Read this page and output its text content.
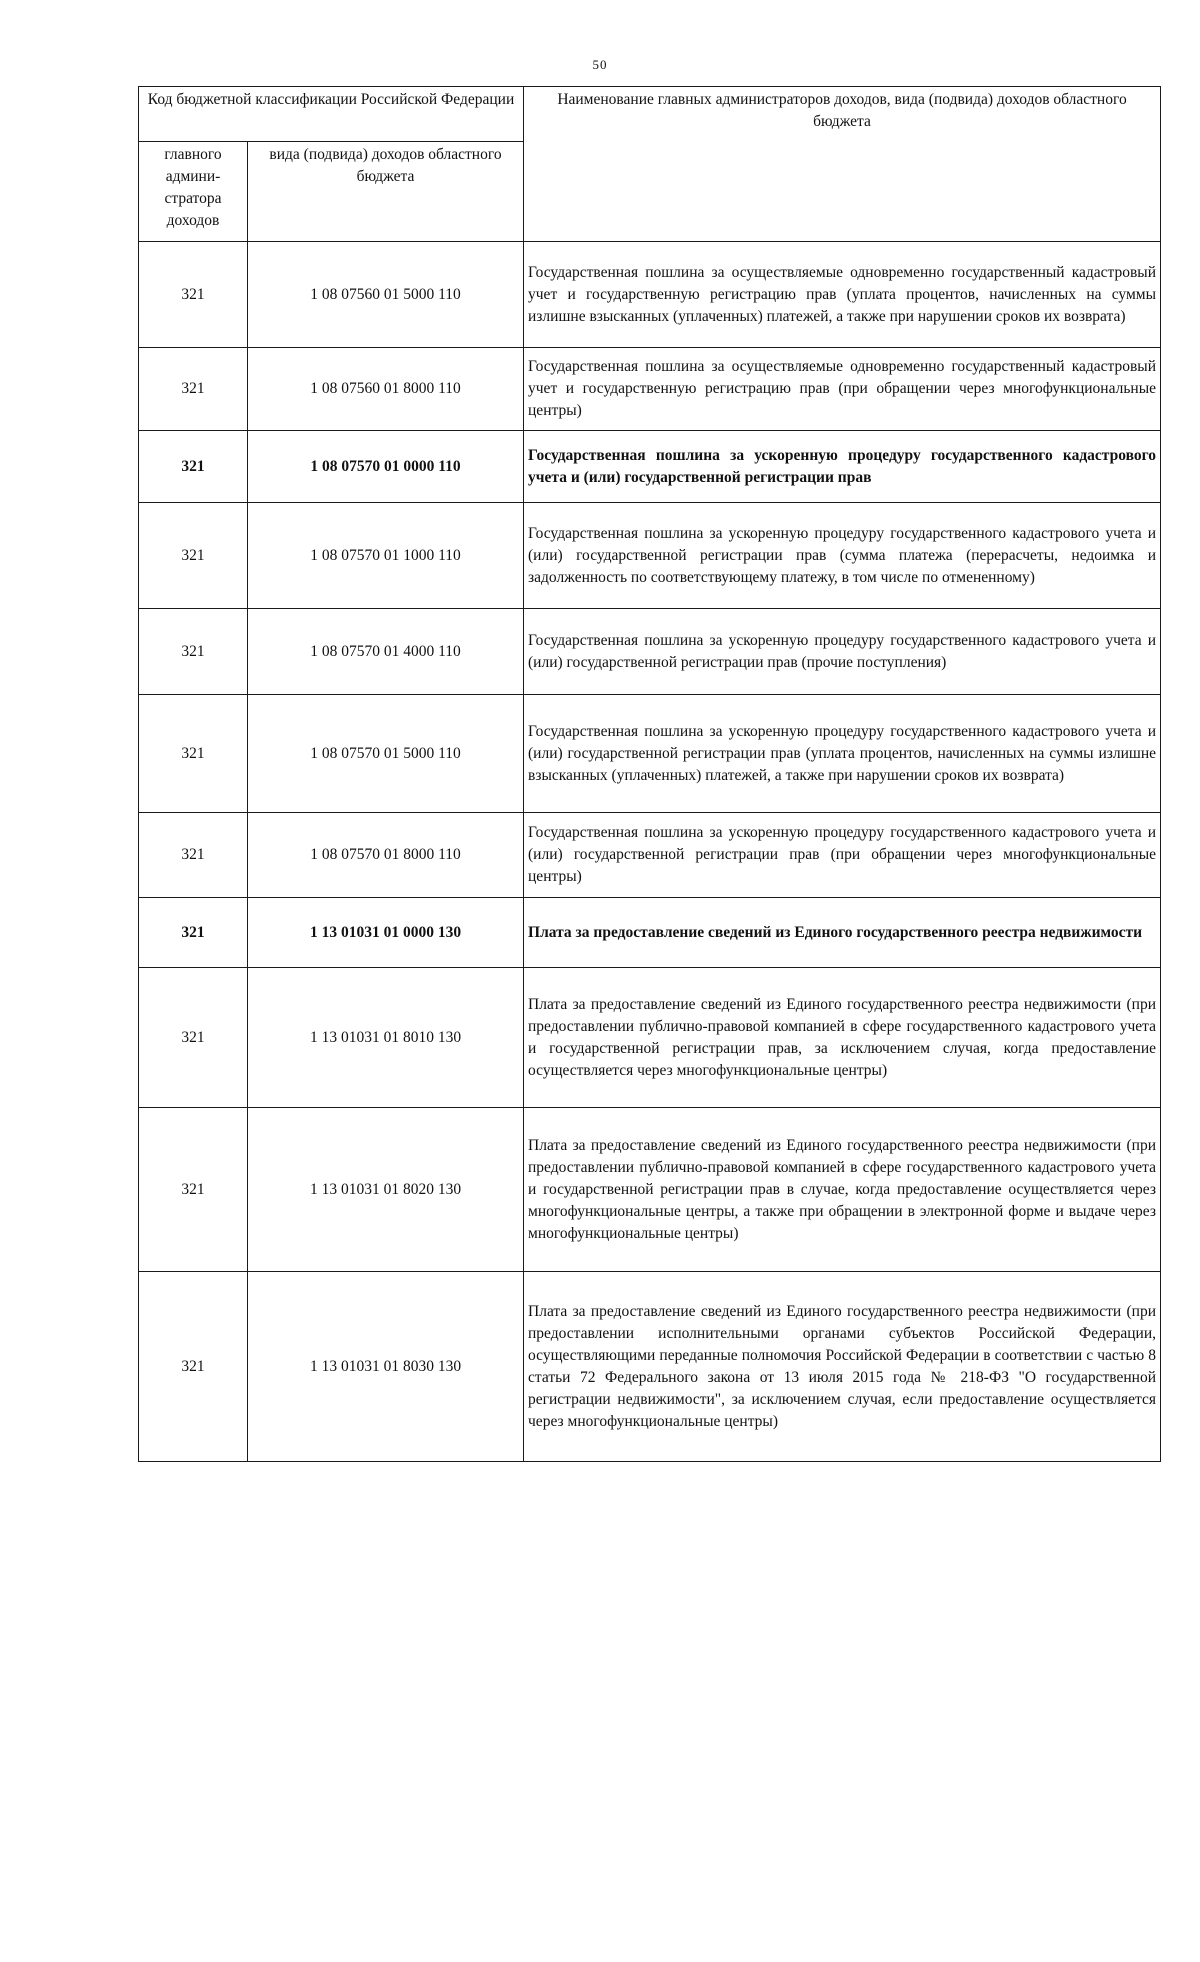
50
Код бюджетной классификации Российской Федерации		Наименование главных администраторов доходов, вида (подвида) доходов областного бюджета
главного админи-стратора доходов	вида (подвида) доходов областного бюджета	
321	1 08 07560 01 5000 110	Государственная пошлина за осуществляемые одновременно государственный кадастровый учет и государственную регистрацию прав (уплата процентов, начисленных на суммы излишне взысканных (уплаченных) платежей, а также при нарушении сроков их возврата)
321	1 08 07560 01 8000 110	Государственная пошлина за осуществляемые одновременно государственный кадастровый учет и государственную регистрацию прав (при обращении через многофункциональные центры)
321	1 08 07570 01 0000 110	Государственная пошлина за ускоренную процедуру государственного кадастрового учета и (или) государственной регистрации прав
321	1 08 07570 01 1000 110	Государственная пошлина за ускоренную процедуру государственного кадастрового учета и (или) государственной регистрации прав (сумма платежа (перерасчеты, недоимка и задолженность по соответствующему платежу, в том числе по отмененному)
321	1 08 07570 01 4000 110	Государственная пошлина за ускоренную процедуру государственного кадастрового учета и (или) государственной регистрации прав (прочие поступления)
321	1 08 07570 01 5000 110	Государственная пошлина за ускоренную процедуру государственного кадастрового учета и (или) государственной регистрации прав (уплата процентов, начисленных на суммы излишне взысканных (уплаченных) платежей, а также при нарушении сроков их возврата)
321	1 08 07570 01 8000 110	Государственная пошлина за ускоренную процедуру государственного кадастрового учета и (или) государственной регистрации прав (при обращении через многофункциональные центры)
321	1 13 01031 01 0000 130	Плата за предоставление сведений из Единого государственного реестра недвижимости
321	1 13 01031 01 8010 130	Плата за предоставление сведений из Единого государственного реестра недвижимости (при предоставлении публично-правовой компанией в сфере государственного кадастрового учета и государственной регистрации прав, за исключением случая, когда предоставление осуществляется через многофункциональные центры)
321	1 13 01031 01 8020 130	Плата за предоставление сведений из Единого государственного реестра недвижимости (при предоставлении публично-правовой компанией в сфере государственного кадастрового учета и государственной регистрации прав в случае, когда предоставление осуществляется через многофункциональные центры, а также при обращении в электронной форме и выдаче через многофункциональные центры)
321	1 13 01031 01 8030 130	Плата за предоставление сведений из Единого государственного реестра недвижимости (при предоставлении исполнительными органами субъектов Российской Федерации, осуществляющими переданные полномочия Российской Федерации в соответствии с частью 8 статьи 72 Федерального закона от 13 июля 2015 года № 218-ФЗ "О государственной регистрации недвижимости", за исключением случая, если предоставление осуществляется через многофункциональные центры)
